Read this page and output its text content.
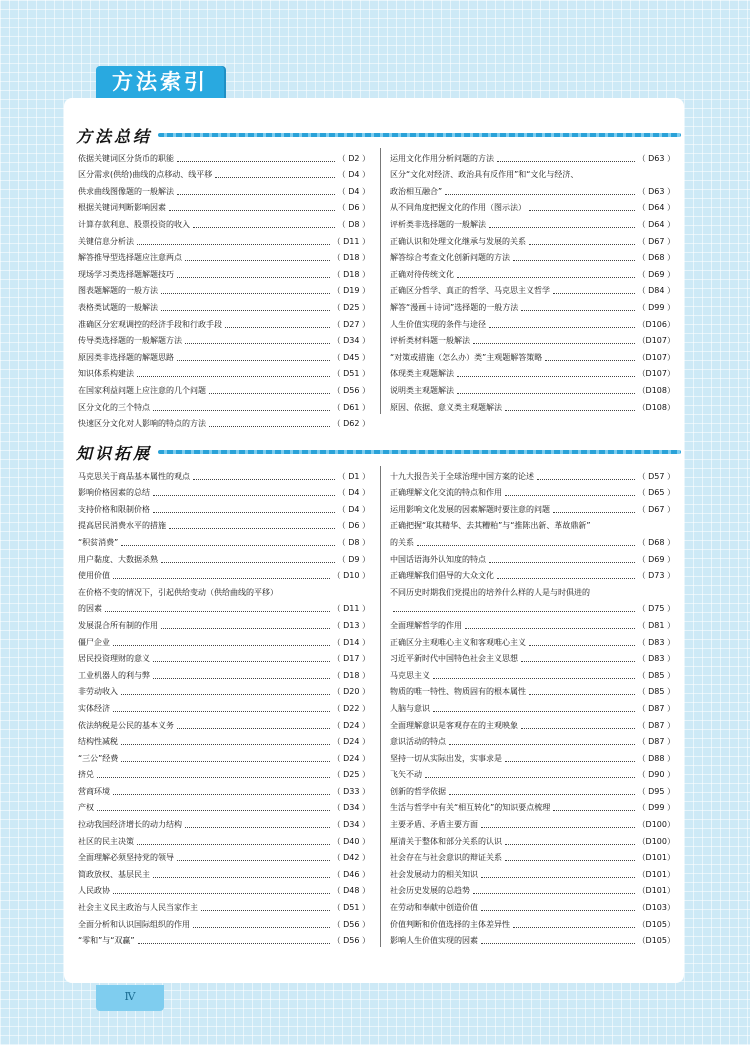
方法索引
方法总结
依据关键词区分货币的职能	（ D2 ）
区分需求(供给)曲线的点移动、线平移	（ D4 ）
供求曲线图像题的一般解法	（ D4 ）
根据关键词判断影响因素	（ D6 ）
计算存款利息、股票投资的收入	（ D8 ）
关键信息分析法	（ D11 ）
解答推导型选择题应注意两点	（ D18 ）
现场学习类选择题解题技巧	（ D18 ）
图表题解题的一般方法	（ D19 ）
表格类试题的一般解法	（ D25 ）
准确区分宏观调控的经济手段和行政手段	（ D27 ）
传导类选择题的一般解题方法	（ D34 ）
原因类非选择题的解题思路	（ D45 ）
知识体系构建法	（ D51 ）
在国家利益问题上应注意的几个问题	（ D56 ）
区分文化的三个特点	（ D61 ）
快速区分文化对人影响的特点的方法	（ D62 ）
运用文化作用分析问题的方法	（ D63 ）
区分“文化对经济、政治具有反作用”和“文化与经济、
政治相互融合”	（ D63 ）
从不同角度把握文化的作用（图示法）	（ D64 ）
评析类非选择题的一般解法	（ D64 ）
正确认识和处理文化继承与发展的关系	（ D67 ）
解答综合考查文化创新问题的方法	（ D68 ）
正确对待传统文化	（ D69 ）
正确区分哲学、真正的哲学、马克思主义哲学	（ D84 ）
解答“漫画＋诗词”选择题的一般方法	（ D99 ）
人生价值实现的条件与途径	（D106）
评析类材料题一般解法	（D107）
“对策或措施（怎么办）类”主观题解答策略	（D107）
体现类主观题解法	（D107）
说明类主观题解法	（D108）
原因、依据、意义类主观题解法	（D108）
知识拓展
马克思关于商品基本属性的观点	（ D1 ）
影响价格因素的总结	（ D4 ）
支持价格和限制价格	（ D4 ）
提高居民消费水平的措施	（ D6 ）
“积贫消费”	（ D8 ）
用户黏度、大数据杀熟	（ D9 ）
使用价值	（ D10 ）
在价格不变的情况下，引起供给变动（供给曲线的平移）
的因素	（ D11 ）
发展混合所有制的作用	（ D13 ）
僵尸企业	（ D14 ）
居民投资理财的意义	（ D17 ）
工业机器人的利与弊	（ D18 ）
非劳动收入	（ D20 ）
实体经济	（ D22 ）
依法纳税是公民的基本义务	（ D24 ）
结构性减税	（ D24 ）
“三公”经费	（ D24 ）
挤兑	（ D25 ）
营商环境	（ D33 ）
产权	（ D34 ）
拉动我国经济增长的动力结构	（ D34 ）
社区的民主决策	（ D40 ）
全面理解必须坚持党的领导	（ D42 ）
简政放权、基层民主	（ D46 ）
人民政协	（ D48 ）
社会主义民主政治与人民当家作主	（ D51 ）
全面分析和认识国际组织的作用	（ D56 ）
“零和”与“双赢”	（ D56 ）
十九大报告关于全球治理中国方案的论述	（ D57 ）
正确理解文化交流的特点和作用	（ D65 ）
运用影响文化发展的因素解题时要注意的问题	（ D67 ）
正确把握“取其精华、去其糟粕”与“推陈出新、革故鼎新”
的关系	（ D68 ）
中国话语海外认知度的特点	（ D69 ）
正确理解我们倡导的大众文化	（ D73 ）
不同历史时期我们党提出的培养什么样的人是与时俱进的
（ D75 ）
全面理解哲学的作用	（ D81 ）
正确区分主观唯心主义和客观唯心主义	（ D83 ）
习近平新时代中国特色社会主义思想	（ D83 ）
马克思主义	（ D85 ）
物质的唯一特性、物质固有的根本属性	（ D85 ）
人脑与意识	（ D87 ）
全面理解意识是客观存在的主观映象	（ D87 ）
意识活动的特点	（ D87 ）
坚持一切从实际出发，实事求是	（ D88 ）
飞矢不动	（ D90 ）
创新的哲学依据	（ D95 ）
生活与哲学中有关“相互转化”的知识要点梳理	（ D99 ）
主要矛盾、矛盾主要方面	（D100）
厘清关于整体和部分关系的认识	（D100）
社会存在与社会意识的辩证关系	（D101）
社会发展动力的相关知识	（D101）
社会历史发展的总趋势	（D101）
在劳动和奉献中创造价值	（D103）
价值判断和价值选择的主体差异性	（D105）
影响人生价值实现的因素	（D105）
Ⅳ
